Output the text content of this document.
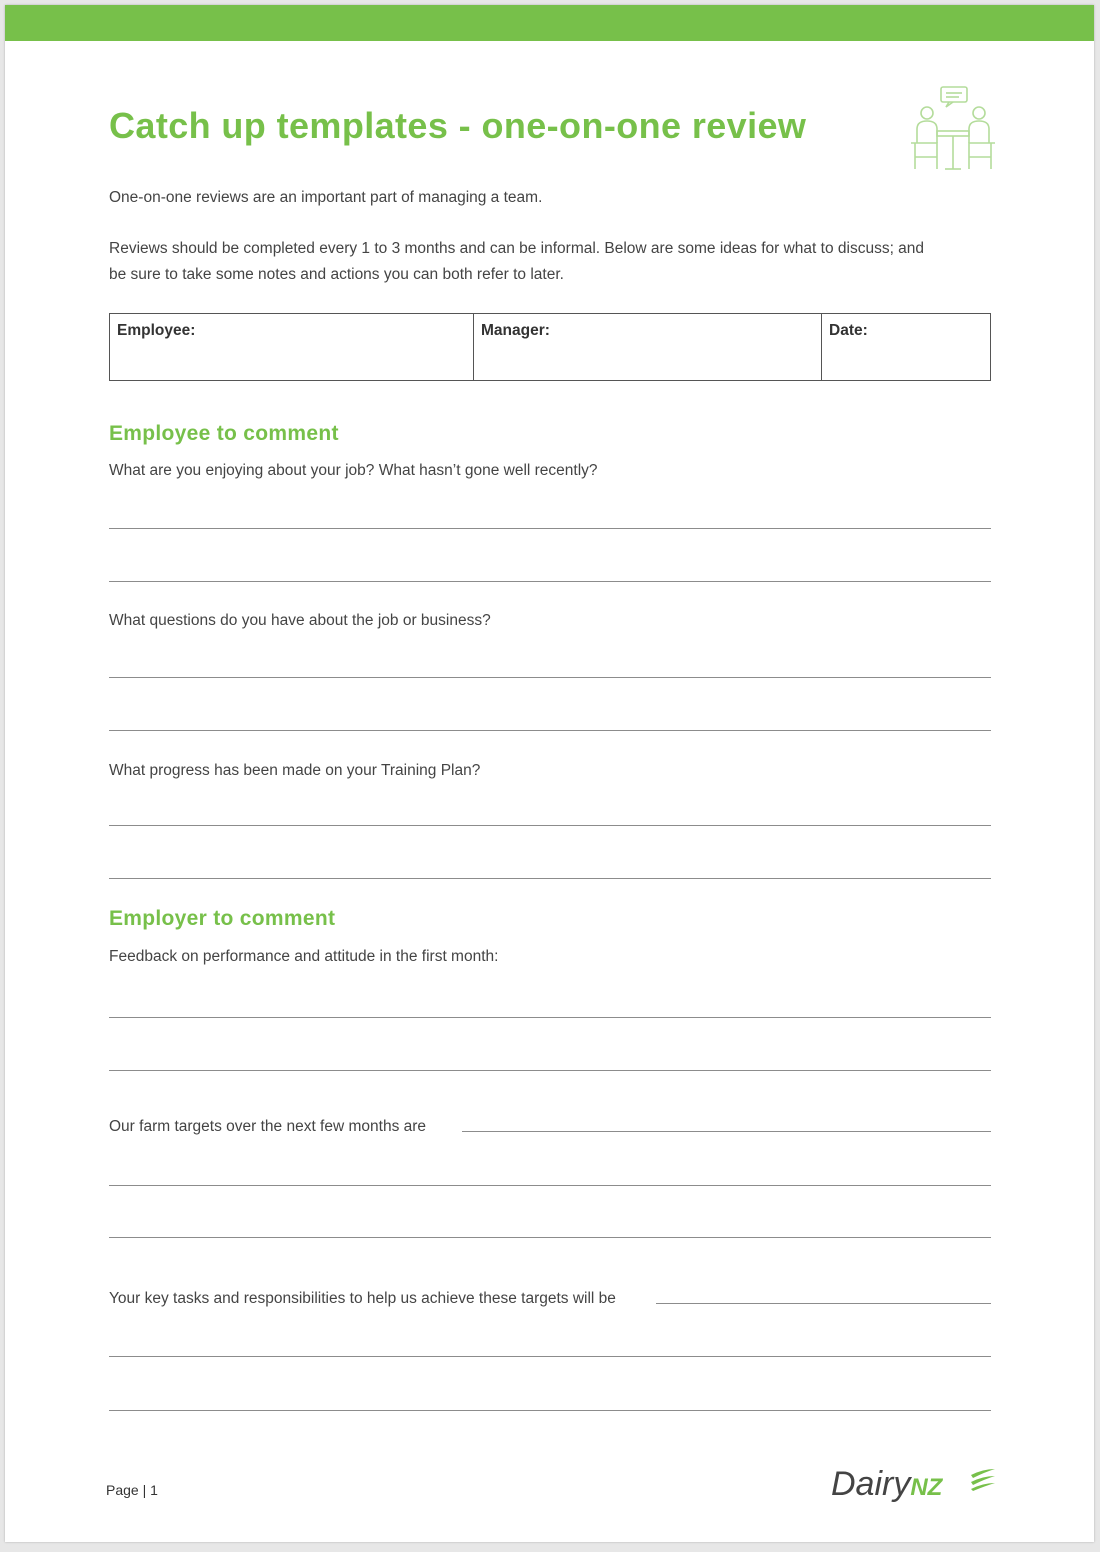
Catch up templates - one-on-one review

One-on-one reviews are an important part of managing a team.

Reviews should be completed every 1 to 3 months and can be informal. Below are some ideas for what to discuss; and

be sure to take some notes and actions you can both refer to later.

Employee:	Manager:	Date:
Employee to comment

What are you enjoying about your job? What hasn’t gone well recently?

What questions do you have about the job or business?

What progress has been made on your Training Plan?

Employer to comment

Feedback on performance and attitude in the first month:

Our farm targets over the next few months are

Your key tasks and responsibilities to help us achieve these targets will be

Page | 1	DairyNZ
